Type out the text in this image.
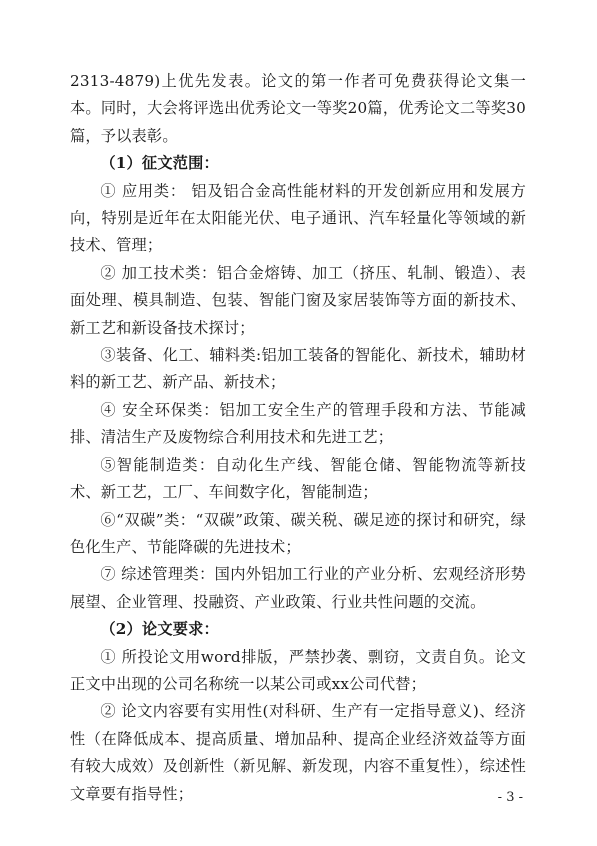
2313-4879)上优先发表。论文的第一作者可免费获得论文集一本。同时，大会将评选出优秀论文一等奖20篇，优秀论文二等奖30篇，予以表彰。

（1）征文范围：

① 应用类： 铝及铝合金高性能材料的开发创新应用和发展方向，特别是近年在太阳能光伏、电子通讯、汽车轻量化等领域的新技术、管理；

② 加工技术类：铝合金熔铸、加工（挤压、轧制、锻造）、表面处理、模具制造、包装、智能门窗及家居装饰等方面的新技术、新工艺和新设备技术探讨；

③装备、化工、辅料类:铝加工装备的智能化、新技术，辅助材料的新工艺、新产品、新技术；

④ 安全环保类：铝加工安全生产的管理手段和方法、节能减排、清洁生产及废物综合利用技术和先进工艺；

⑤智能制造类：自动化生产线、智能仓储、智能物流等新技术、新工艺，工厂、车间数字化，智能制造；

⑥“双碳”类：“双碳”政策、碳关税、碳足迹的探讨和研究，绿色化生产、节能降碳的先进技术；

⑦ 综述管理类：国内外铝加工行业的产业分析、宏观经济形势展望、企业管理、投融资、产业政策、行业共性问题的交流。

（2）论文要求：

① 所投论文用word排版，严禁抄袭、剽窃，文责自负。论文正文中出现的公司名称统一以某公司或xx公司代替；

② 论文内容要有实用性(对科研、生产有一定指导意义)、经济性（在降低成本、提高质量、增加品种、提高企业经济效益等方面有较大成效）及创新性（新见解、新发现，内容不重复性），综述性文章要有指导性；	- 3 -
